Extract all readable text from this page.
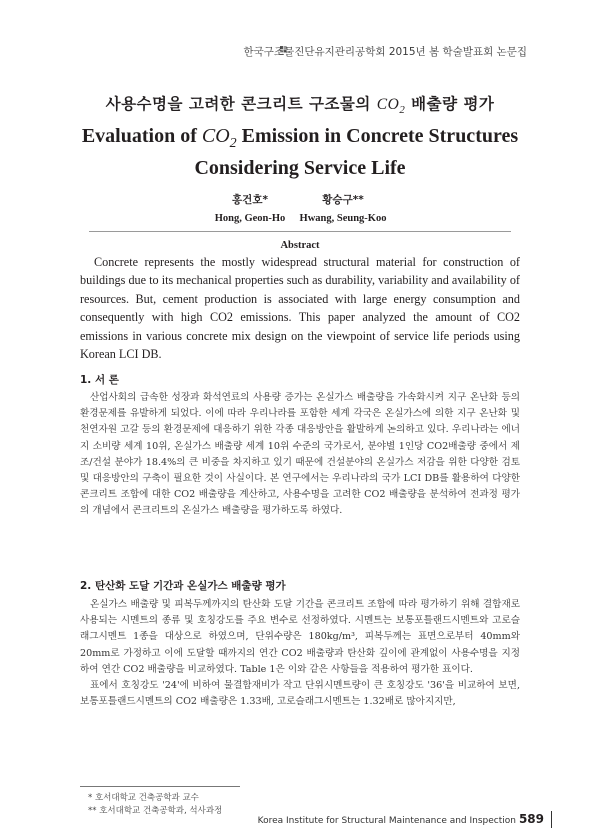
한국구조물진단유지관리공학회 2015년 봄 학술발표회 논문집
사용수명을 고려한 콘크리트 구조물의 $CO_2$ 배출량 평가
Evaluation of $CO_2$ Emission in Concrete Structures
Considering Service Life
홍건호*
Hong, Geon-Ho
황승구**
Hwang, Seung-Koo
Abstract

Concrete represents the mostly widespread structural material for construction of buildings due to its mechanical properties such as durability, variability and availability of resources. But, cement production is associated with large energy consumption and consequently with high CO2 emissions. This paper analyzed the amount of CO2 emissions in various concrete mix design on the viewpoint of service life periods using Korean LCI DB.

1. 서 론

산업사회의 급속한 성장과 화석연료의 사용량 증가는 온실가스 배출량을 가속화시켜 지구 온난화 등의 환경문제를 유발하게 되었다. 이에 따라 우리나라를 포함한 세계 각국은 온실가스에 의한 지구 온난화 및 천연자원 고갈 등의 환경문제에 대응하기 위한 각종 대응방안을 활발하게 논의하고 있다. 우리나라는 에너지 소비량 세계 10위, 온실가스 배출량 세계 10위 수준의 국가로서, 분야별 1인당 CO2배출량 중에서 제조/건설 분야가 18.4%의 큰 비중을 차지하고 있기 때문에 건설분야의 온실가스 저감을 위한 다양한 검토 및 대응방안의 구축이 필요한 것이 사실이다. 본 연구에서는 우리나라의 국가 LCI DB를 활용하여 다양한 콘크리트 조합에 대한 CO2 배출량을 계산하고, 사용수명을 고려한 CO2 배출량을 분석하여 전과정 평가의 개념에서 콘크리트의 온실가스 배출량을 평가하도록 하였다.

2. 탄산화 도달 기간과 온실가스 배출량 평가

온실가스 배출량 및 피복두께까지의 탄산화 도달 기간을 콘크리트 조합에 따라 평가하기 위해 결합재로 사용되는 시멘트의 종류 및 호칭강도를 주요 변수로 선정하였다. 시멘트는 보통포틀랜드시멘트와 고로슬래그시멘트 1종을 대상으로 하였으며, 단위수량은 180kg/m³, 피복두께는 표면으로부터 40mm와 20mm로 가정하고 이에 도달할 때까지의 연간 CO2 배출량과 탄산화 깊이에 관계없이 사용수명을 지정하여 연간 CO2 배출량을 비교하였다. Table 1은 이와 같은 사항들을 적용하여 평가한 표이다.

표에서 호칭강도 '24'에 비하여 물결합재비가 작고 단위시멘트량이 큰 호칭강도 '36'을 비교하여 보면, 보통포틀랜드시멘트의 CO2 배출량은 1.33배, 고로슬래그시멘트는 1.32배로 많아지지만,

* 호서대학교 건축공학과 교수
** 호서대학교 건축공학과, 석사과정
Korea Institute for Structural Maintenance and Inspection 589
